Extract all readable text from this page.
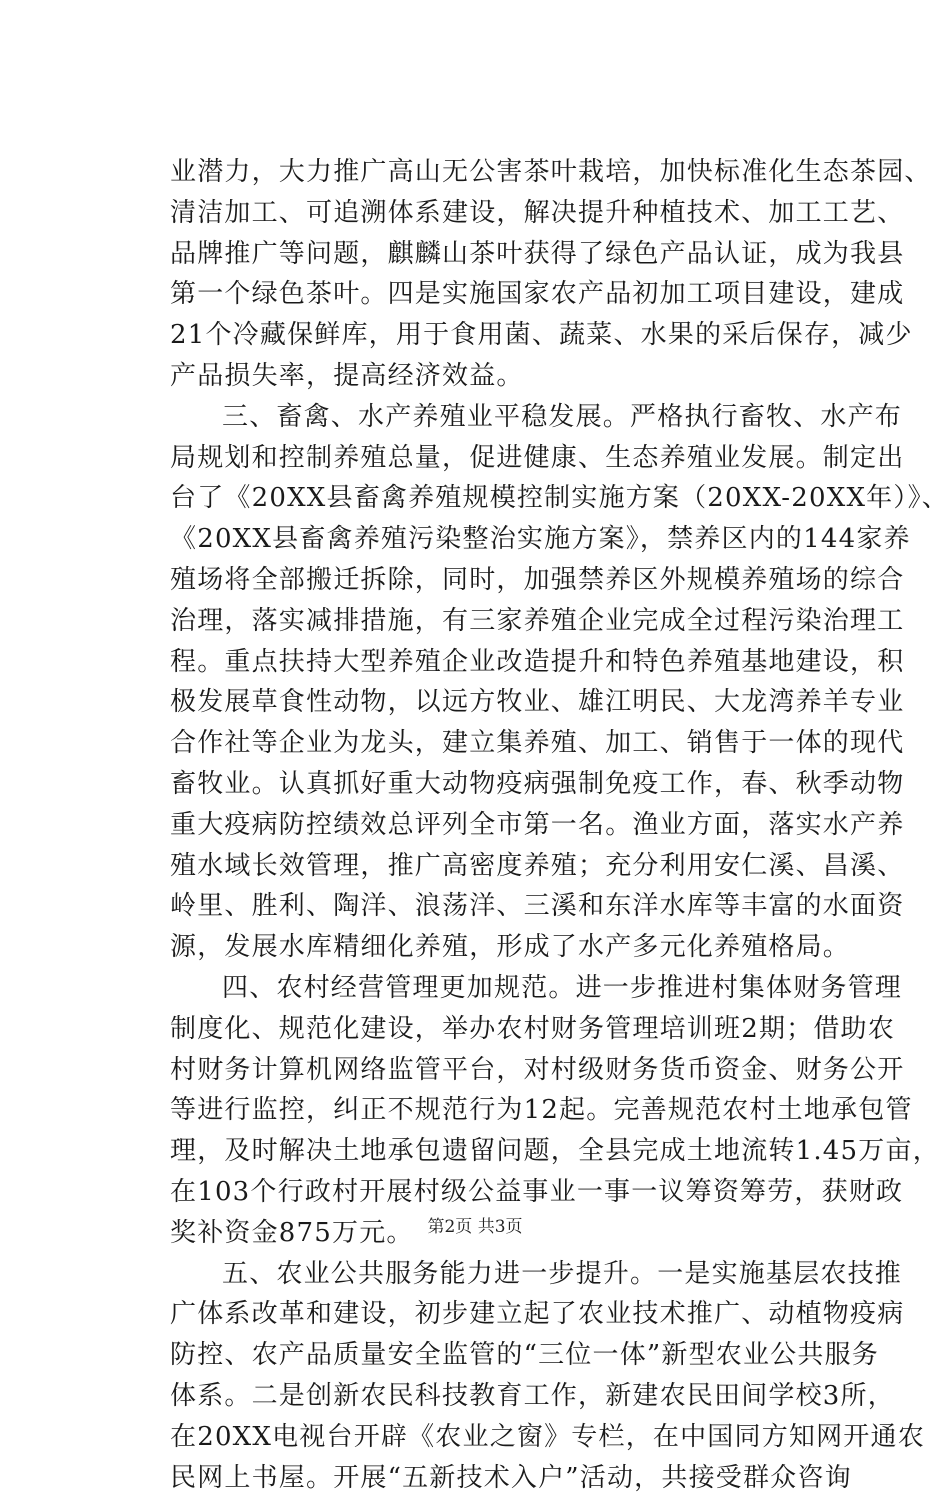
业潜力，大力推广高山无公害茶叶栽培，加快标准化生态茶园、
清洁加工、可追溯体系建设，解决提升种植技术、加工工艺、
品牌推广等问题，麒麟山茶叶获得了绿色产品认证，成为我县
第一个绿色茶叶。四是实施国家农产品初加工项目建设，建成
21个冷藏保鲜库，用于食用菌、蔬菜、水果的采后保存，减少
产品损失率，提高经济效益。
三、畜禽、水产养殖业平稳发展。严格执行畜牧、水产布
局规划和控制养殖总量，促进健康、生态养殖业发展。制定出
台了《20XX县畜禽养殖规模控制实施方案（20XX-20XX年）》、
《20XX县畜禽养殖污染整治实施方案》，禁养区内的144家养
殖场将全部搬迁拆除，同时，加强禁养区外规模养殖场的综合
治理，落实减排措施，有三家养殖企业完成全过程污染治理工
程。重点扶持大型养殖企业改造提升和特色养殖基地建设，积
极发展草食性动物，以远方牧业、雄江明民、大龙湾养羊专业
合作社等企业为龙头，建立集养殖、加工、销售于一体的现代
畜牧业。认真抓好重大动物疫病强制免疫工作，春、秋季动物
重大疫病防控绩效总评列全市第一名。渔业方面，落实水产养
殖水域长效管理，推广高密度养殖；充分利用安仁溪、昌溪、
岭里、胜利、陶洋、浪荡洋、三溪和东洋水库等丰富的水面资
源，发展水库精细化养殖，形成了水产多元化养殖格局。
四、农村经营管理更加规范。进一步推进村集体财务管理
制度化、规范化建设，举办农村财务管理培训班2期；借助农
村财务计算机网络监管平台，对村级财务货币资金、财务公开
等进行监控，纠正不规范行为12起。完善规范农村土地承包管
理，及时解决土地承包遗留问题，全县完成土地流转1.45万亩，
在103个行政村开展村级公益事业一事一议筹资筹劳，获财政
奖补资金875万元。
五、农业公共服务能力进一步提升。一是实施基层农技推
广体系改革和建设，初步建立起了农业技术推广、动植物疫病
防控、农产品质量安全监管的“三位一体”新型农业公共服务
体系。二是创新农民科技教育工作，新建农民田间学校3所，
在20XX电视台开辟《农业之窗》专栏，在中国同方知网开通农
民网上书屋。开展“五新技术入户”活动，共接受群众咨询
第2页 共3页
